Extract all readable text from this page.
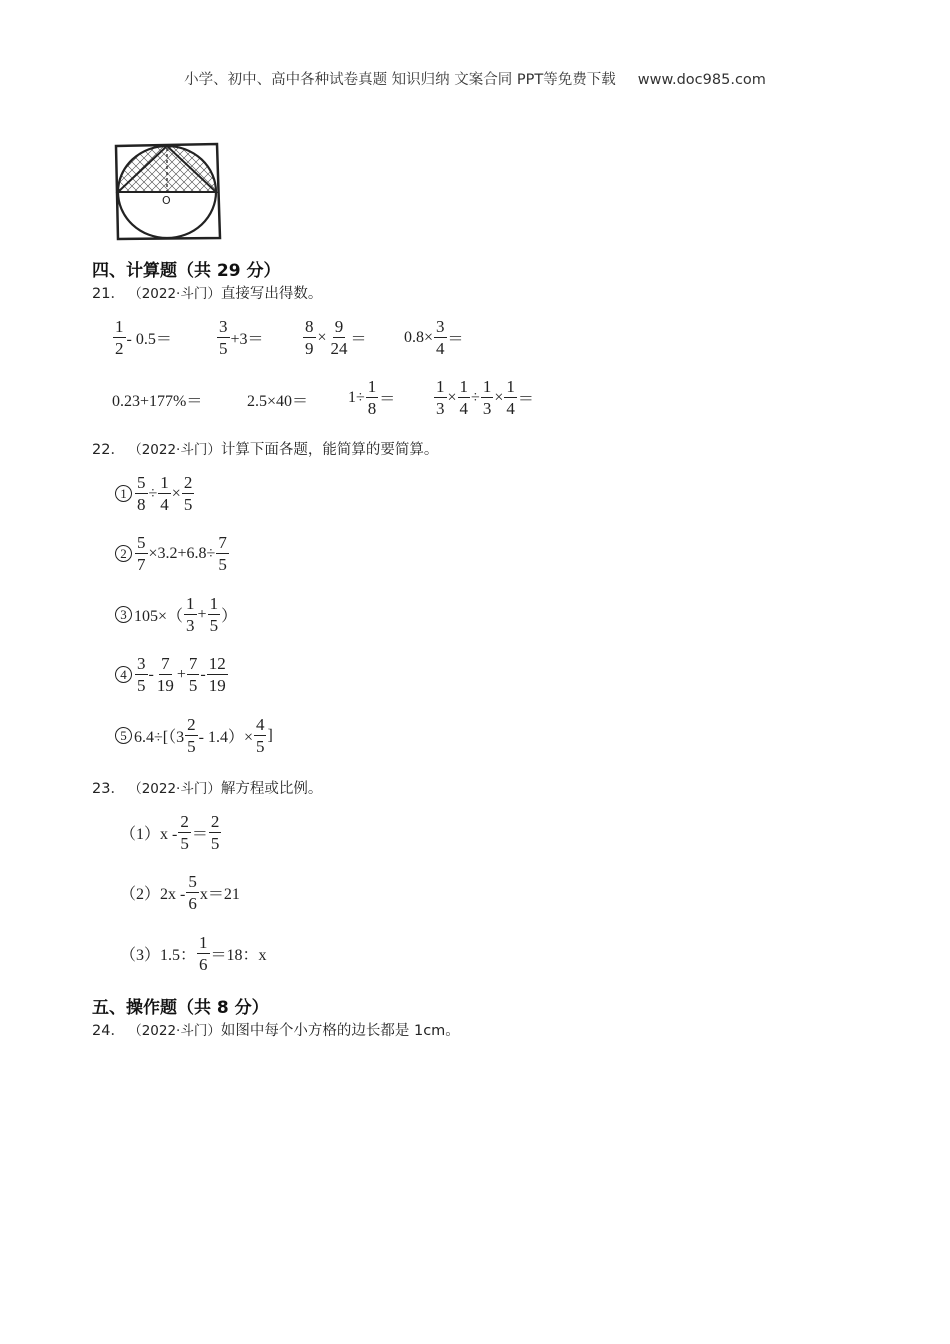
小学、初中、高中各种试卷真题 知识归纳 文案合同 PPT等免费下载 www.doc985.com
O
四、计算题（共 29 分）
21． （2022·斗门）直接写出得数。
1
2 - 0.5＝
3
$5 +3= \frac{8}{9} \times \frac{9}{24} = 0.8\times \frac{3}{4}$ ＝
0.23+177%＝	$2.5\times 40= 1\div \frac{1}{8} = \frac{1}{3} \times \frac{1}{4} \div \frac{1}{3} \times \frac{1}{4}$ ＝
22． （2022·斗门）计算下面各题，能简算的要简算。
$1 \frac{5}{8} \div \frac{1}{4} \times \frac{2}{5}$
$2 \frac{5}{7} \times 3.2+6.8\div \frac{7}{5}$
3 105×（
1
3
+ $\frac{1}{5}$ ）
4
3
5
-
7
19
+ $\frac{7}{5}$ -
12
19
5 6.4÷[（3
2
$5 - 1.4)\times \frac{4}{5}$ ]
23． （2022·斗门）解方程或比例。
（1）x -
2
5 ＝
2
5
（2）2x -
5
6 x＝21
（3）1.5：
1
6 ＝18：x
五、操作题（共 8 分）
24． （2022·斗门）如图中每个小方格的边长都是 1cm。
